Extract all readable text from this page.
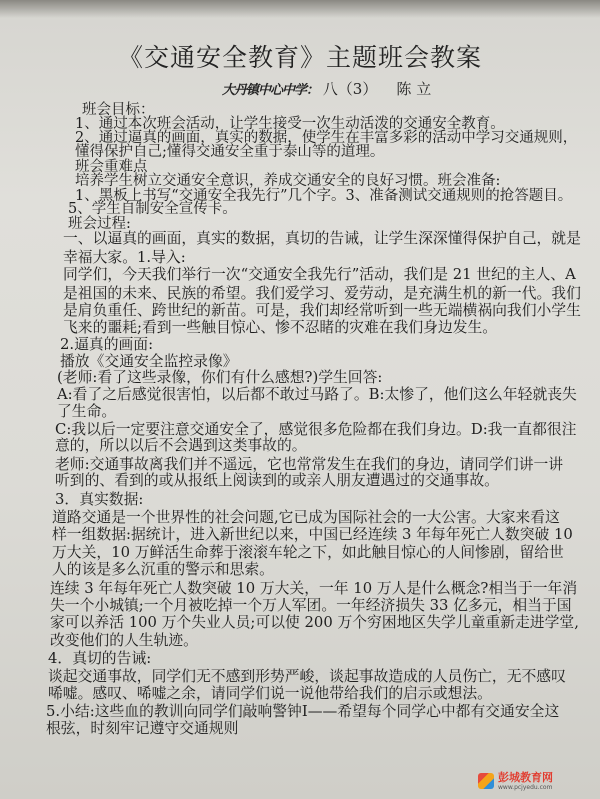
《交通安全教育》主题班会教案
大丹镇中心中学： 八（3） 陈 立
班会目标：
1、通过本次班会活动，让学生接受一次生动活泼的交通安全教育。
2、通过逼真的画面，真实的数据，使学生在丰富多彩的活动中学习交通规则，
懂得保护自己;懂得交通安全重于泰山等的道理。
班会重难点
培养学生树立交通安全意识，养成交通安全的良好习惯。班会准备:
1、黑板上书写“交通安全我先行”几个字。3、准备测试交通规则的抢答题目。
5、学生自制安全宣传卡。
班会过程:
一、以逼真的画面，真实的数据，真切的告诫，让学生深深懂得保护自己，就是
幸福大家。1.导入:
同学们，今天我们举行一次“交通安全我先行”活动，我们是 21 世纪的主人、A
是祖国的未来、民族的希望。我们爱学习、爱劳动，是充满生机的新一代。我们
是肩负重任、跨世纪的新苗。可是，我们却经常听到一些无端横祸向我们小学生
飞来的噩耗;看到一些触目惊心、惨不忍睹的灾难在我们身边发生。
2.逼真的画面:
播放《交通安全监控录像》
(老师:看了这些录像，你们有什么感想?)学生回答:
A:看了之后感觉很害怕，以后都不敢过马路了。B:太惨了，他们这么年轻就丧失
了生命。
C:我以后一定要注意交通安全了，感觉很多危险都在我们身边。D:我一直都很注
意的，所以以后不会遇到这类事故的。
老师:交通事故离我们并不遥远，它也常常发生在我们的身边，请同学们讲一讲
听到的、看到的或从报纸上阅读到的或亲人朋友遭遇过的交通事故。
3．真实数据:
道路交通是一个世界性的社会问题,它已成为国际社会的一大公害。大家来看这
样一组数据:据统计，进入新世纪以来，中国已经连续 3 年每年死亡人数突破 10
万大关，10 万鲜活生命葬于滚滚车轮之下，如此触目惊心的人间惨剧，留给世
人的该是多么沉重的警示和思索。
连续 3 年每年死亡人数突破 10 万大关，一年 10 万人是什么概念?相当于一年消
失一个小城镇;一个月被吃掉一个万人军团。一年经济损失 33 亿多元，相当于国
家可以养活 100 万个失业人员;可以使 200 万个穷困地区失学儿童重新走进学堂,
改变他们的人生轨迹。
4．真切的告诫:
谈起交通事故，同学们无不感到形势严峻，谈起事故造成的人员伤亡，无不感叹
唏嘘。感叹、唏嘘之余，请同学们说一说他带给我们的启示或想法。
5.小结:这些血的教训向同学们敲响警钟Ⅰ——希望每个同学心中都有交通安全这
根弦，时刻牢记遵守交通规则
彭城教育网
www.pcjyedu.com
